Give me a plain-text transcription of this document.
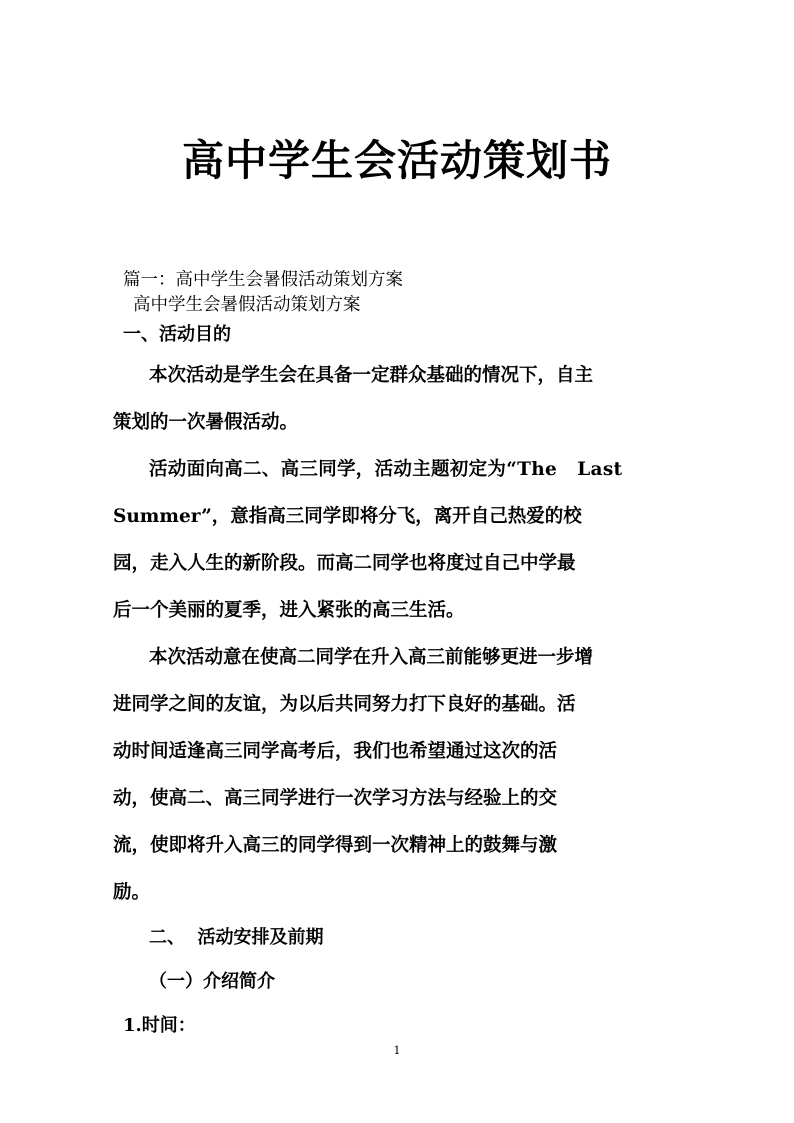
高中学生会活动策划书
篇一：高中学生会暑假活动策划方案
高中学生会暑假活动策划方案
一、活动目的
本次活动是学生会在具备一定群众基础的情况下，自主
策划的一次暑假活动。
活动面向高二、高三同学，活动主题初定为“The   Last
Summer”，意指高三同学即将分飞，离开自己热爱的校
园，走入人生的新阶段。而高二同学也将度过自己中学最
后一个美丽的夏季，进入紧张的高三生活。
本次活动意在使高二同学在升入高三前能够更进一步增
进同学之间的友谊，为以后共同努力打下良好的基础。活
动时间适逢高三同学高考后，我们也希望通过这次的活
动，使高二、高三同学进行一次学习方法与经验上的交
流，使即将升入高三的同学得到一次精神上的鼓舞与激
励。
二、  活动安排及前期
（一）介绍简介
1.时间：
1
